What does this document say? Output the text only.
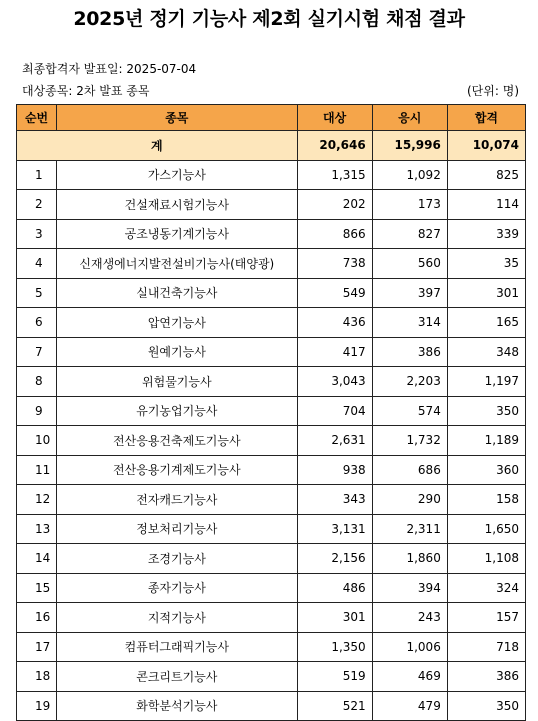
2025년 정기 기능사 제2회 실기시험 채점 결과
최종합격자 발표일: 2025-07-04
대상종목: 2차 발표 종목	(단위: 명)
순번	종목	대상	응시	합격
계		20,646	15,996	10,074
1	가스기능사	1,315	1,092	825
2	건설재료시험기능사	202	173	114
3	공조냉동기계기능사	866	827	339
4	신재생에너지발전설비기능사(태양광)	738	560	35
5	실내건축기능사	549	397	301
6	압연기능사	436	314	165
7	원예기능사	417	386	348
8	위험물기능사	3,043	2,203	1,197
9	유기농업기능사	704	574	350
10	전산응용건축제도기능사	2,631	1,732	1,189
11	전산응용기계제도기능사	938	686	360
12	전자캐드기능사	343	290	158
13	정보처리기능사	3,131	2,311	1,650
14	조경기능사	2,156	1,860	1,108
15	종자기능사	486	394	324
16	지적기능사	301	243	157
17	컴퓨터그래픽기능사	1,350	1,006	718
18	콘크리트기능사	519	469	386
19	화학분석기능사	521	479	350
